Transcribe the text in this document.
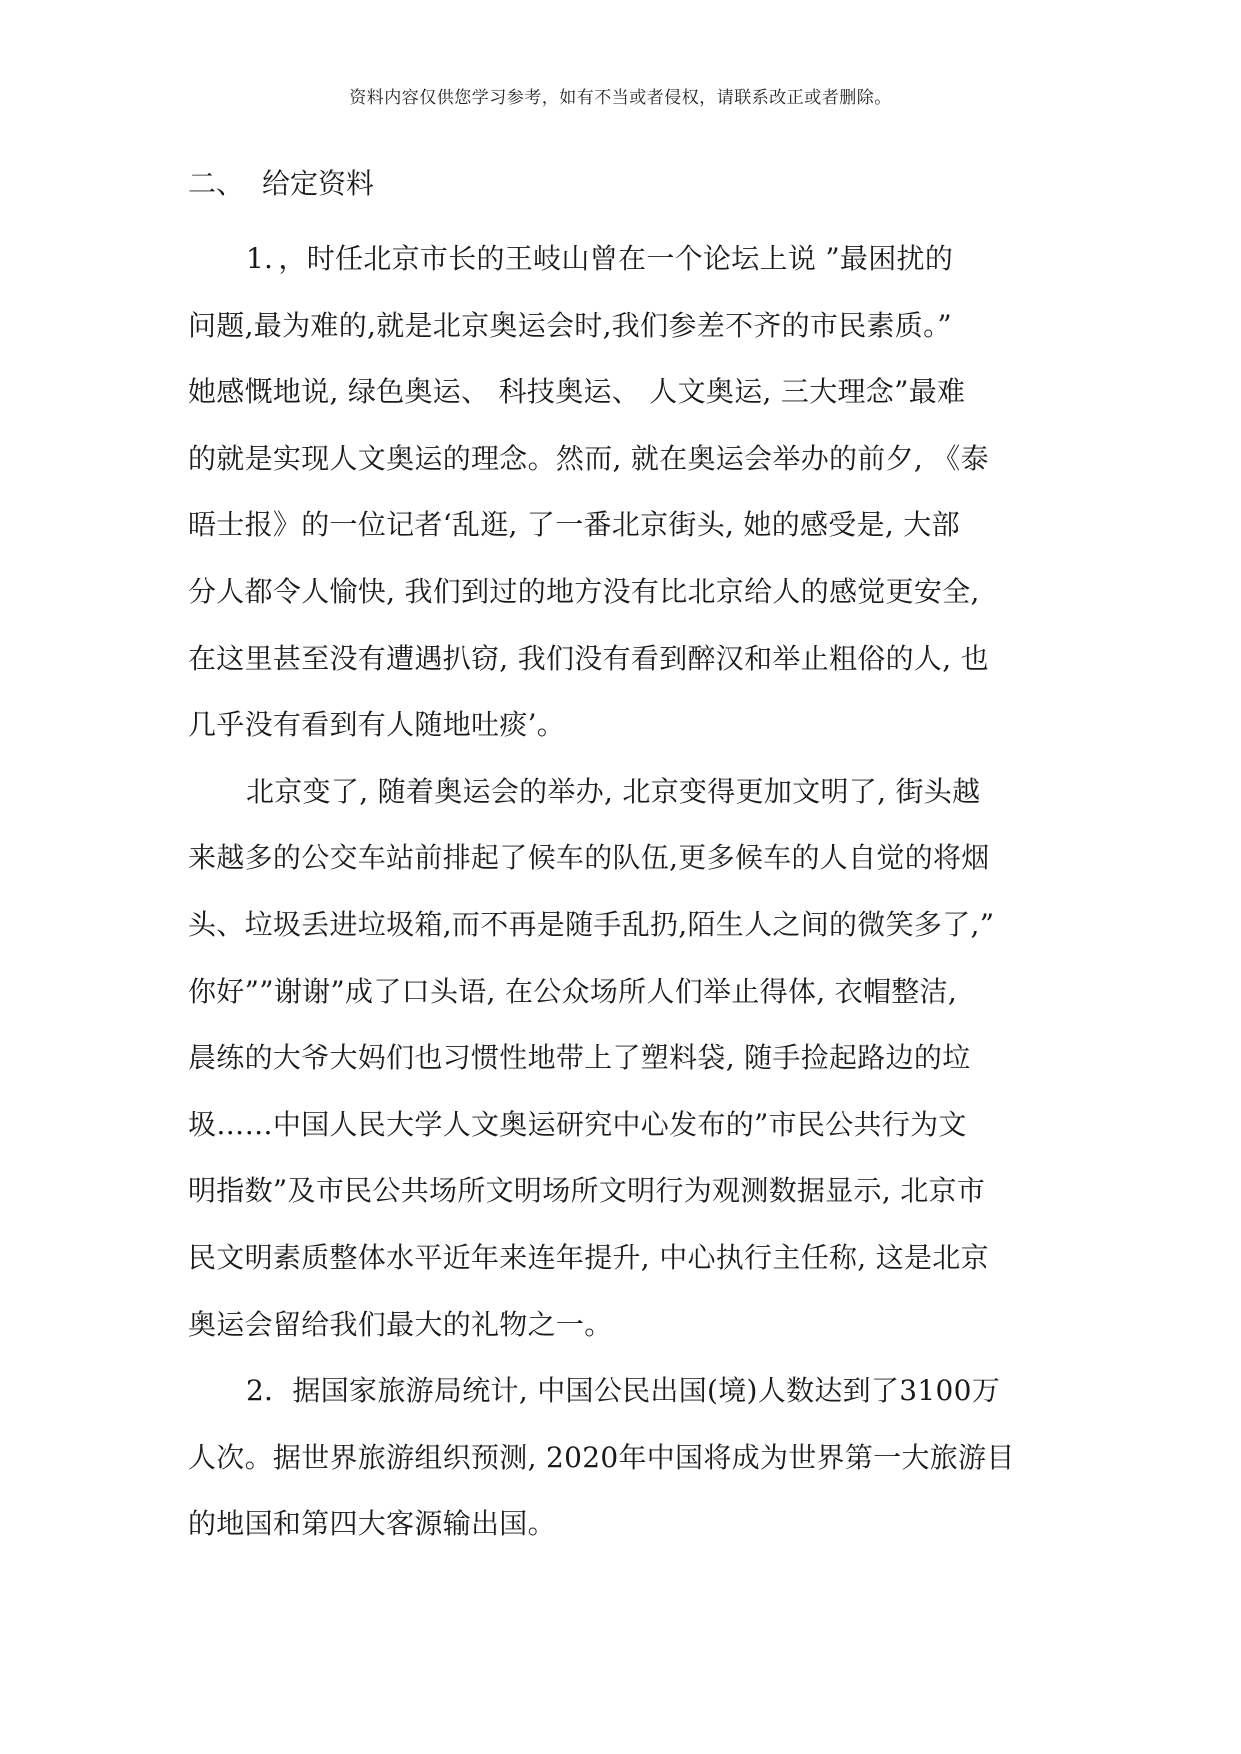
资料内容仅供您学习参考，如有不当或者侵权，请联系改正或者删除。
二、 给定资料
1．，时任北京市长的王岐山曾在一个论坛上说 ”最困扰的
问题,最为难的,就是北京奥运会时,我们参差不齐的市民素质。”
她感慨地说, 绿色奥运、 科技奥运、 人文奥运, 三大理念”最难
的就是实现人文奥运的理念。然而, 就在奥运会举办的前夕, 《泰
晤士报》的一位记者‘乱逛, 了一番北京街头, 她的感受是, 大部
分人都令人愉快, 我们到过的地方没有比北京给人的感觉更安全,
在这里甚至没有遭遇扒窃, 我们没有看到醉汉和举止粗俗的人, 也
几乎没有看到有人随地吐痰’。
北京变了, 随着奥运会的举办, 北京变得更加文明了, 街头越
来越多的公交车站前排起了候车的队伍,更多候车的人自觉的将烟
头、垃圾丢进垃圾箱,而不再是随手乱扔,陌生人之间的微笑多了,”
你好””谢谢”成了口头语, 在公众场所人们举止得体, 衣帽整洁,
晨练的大爷大妈们也习惯性地带上了塑料袋, 随手捡起路边的垃
圾……中国人民大学人文奥运研究中心发布的”市民公共行为文
明指数”及市民公共场所文明场所文明行为观测数据显示, 北京市
民文明素质整体水平近年来连年提升, 中心执行主任称, 这是北京
奥运会留给我们最大的礼物之一。
2．据国家旅游局统计, 中国公民出国(境)人数达到了3100万
人次。据世界旅游组织预测, 2020年中国将成为世界第一大旅游目
的地国和第四大客源输出国。
